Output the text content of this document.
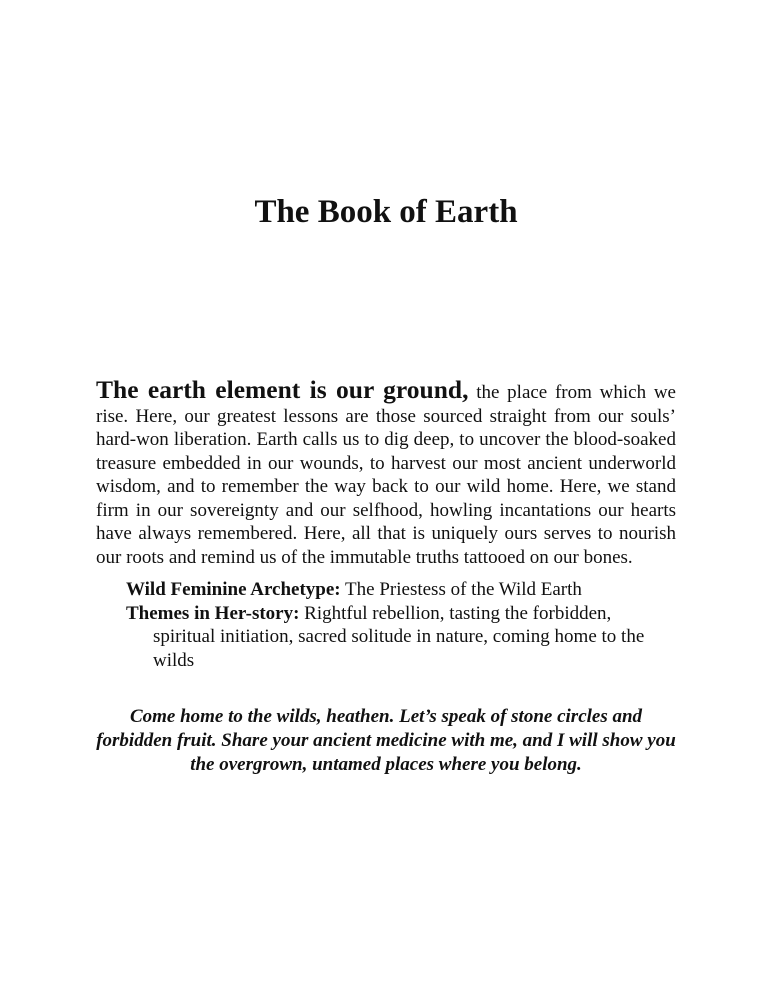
The Book of Earth

The earth element is our ground, the place from which we rise. Here, our greatest lessons are those sourced straight from our souls’ hard-won liberation. Earth calls us to dig deep, to uncover the blood-soaked treasure embedded in our wounds, to harvest our most ancient underworld wisdom, and to remember the way back to our wild home. Here, we stand firm in our sovereignty and our selfhood, howling incantations our hearts have always remembered. Here, all that is uniquely ours serves to nourish our roots and remind us of the immutable truths tattooed on our bones.

Wild Feminine Archetype: The Priestess of the Wild Earth

Themes in Her-story: Rightful rebellion, tasting the forbidden, spiritual initiation, sacred solitude in nature, coming home to the wilds

Come home to the wilds, heathen. Let’s speak of stone circles and
forbidden fruit. Share your ancient medicine with me, and I will show you
the overgrown, untamed places where you belong.
